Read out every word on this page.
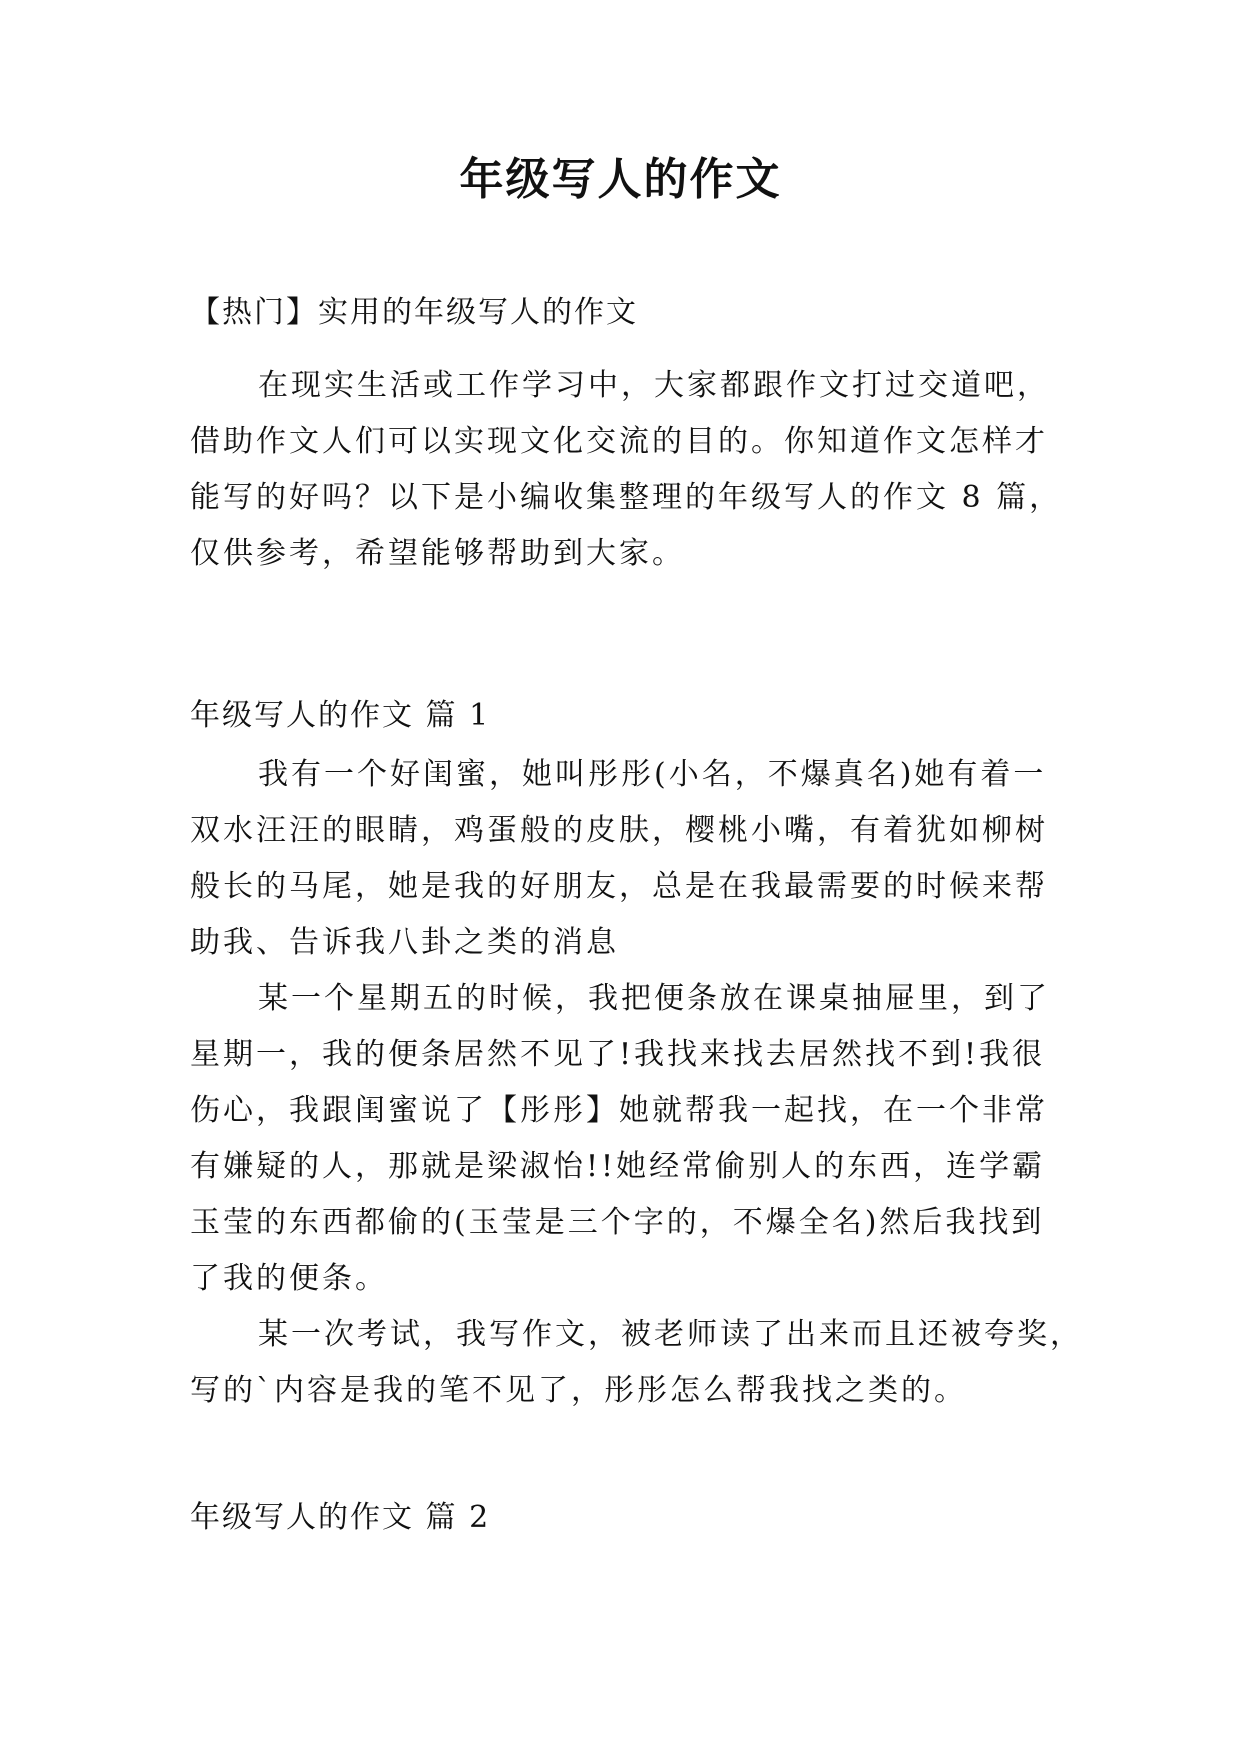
年级写人的作文

【热门】实用的年级写人的作文

在现实生活或工作学习中，大家都跟作文打过交道吧，
借助作文人们可以实现文化交流的目的。你知道作文怎样才
能写的好吗？以下是小编收集整理的年级写人的作文 8 篇，
仅供参考，希望能够帮助到大家。

年级写人的作文 篇 1

我有一个好闺蜜，她叫彤彤(小名，不爆真名)她有着一
双水汪汪的眼睛，鸡蛋般的皮肤，樱桃小嘴，有着犹如柳树
般长的马尾，她是我的好朋友，总是在我最需要的时候来帮
助我、告诉我八卦之类的消息
某一个星期五的时候，我把便条放在课桌抽屉里，到了
星期一，我的便条居然不见了!我找来找去居然找不到!我很
伤心，我跟闺蜜说了【彤彤】她就帮我一起找，在一个非常
有嫌疑的人，那就是梁淑怡!!她经常偷别人的东西，连学霸
玉莹的东西都偷的(玉莹是三个字的，不爆全名)然后我找到
了我的便条。
某一次考试，我写作文，被老师读了出来而且还被夸奖，
写的`内容是我的笔不见了，彤彤怎么帮我找之类的。

年级写人的作文 篇 2
